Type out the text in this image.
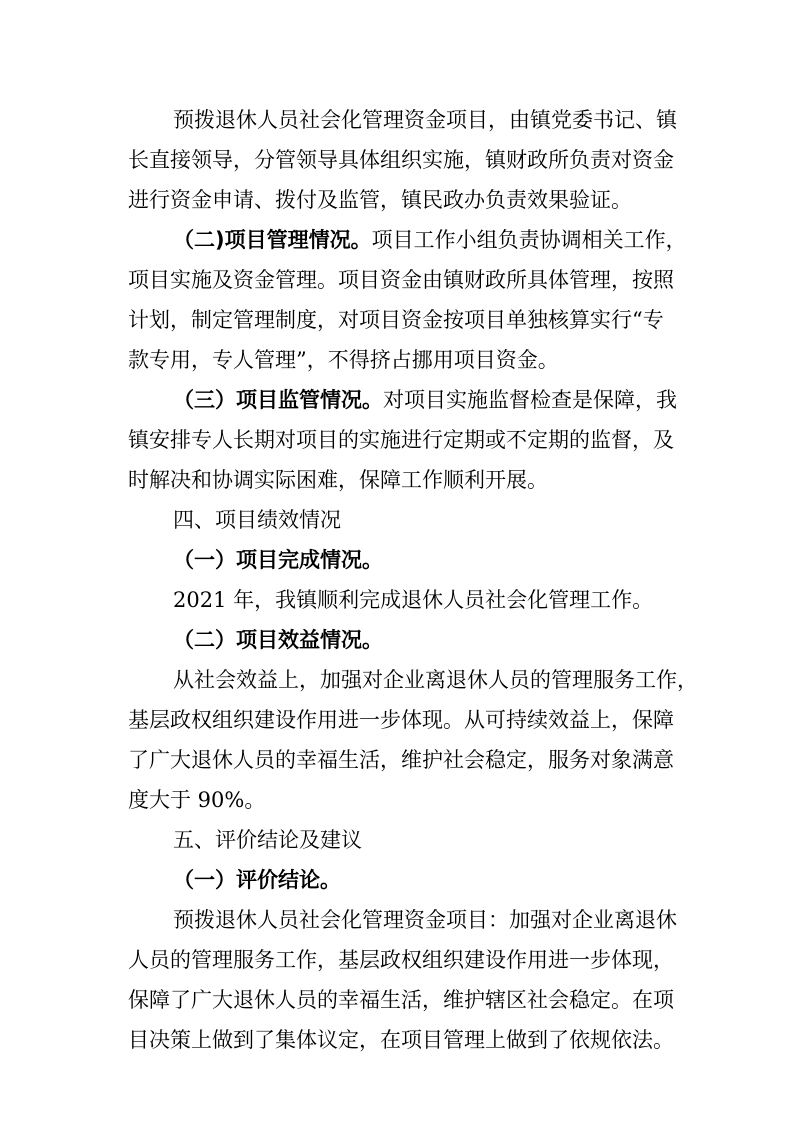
预拨退休人员社会化管理资金项目，由镇党委书记、镇
长直接领导，分管领导具体组织实施，镇财政所负责对资金
进行资金申请、拨付及监管，镇民政办负责效果验证。
（二)项目管理情况。项目工作小组负责协调相关工作，
项目实施及资金管理。项目资金由镇财政所具体管理，按照
计划，制定管理制度，对项目资金按项目单独核算实行“专
款专用，专人管理”，不得挤占挪用项目资金。
（三）项目监管情况。对项目实施监督检查是保障，我
镇安排专人长期对项目的实施进行定期或不定期的监督，及
时解决和协调实际困难，保障工作顺利开展。
四、项目绩效情况
（一）项目完成情况。
2021 年，我镇顺利完成退休人员社会化管理工作。
（二）项目效益情况。
从社会效益上，加强对企业离退休人员的管理服务工作，
基层政权组织建设作用进一步体现。从可持续效益上，保障
了广大退休人员的幸福生活，维护社会稳定，服务对象满意
度大于 90%。
五、评价结论及建议
（一）评价结论。
预拨退休人员社会化管理资金项目：加强对企业离退休
人员的管理服务工作，基层政权组织建设作用进一步体现，
保障了广大退休人员的幸福生活，维护辖区社会稳定。在项
目决策上做到了集体议定，在项目管理上做到了依规依法。
